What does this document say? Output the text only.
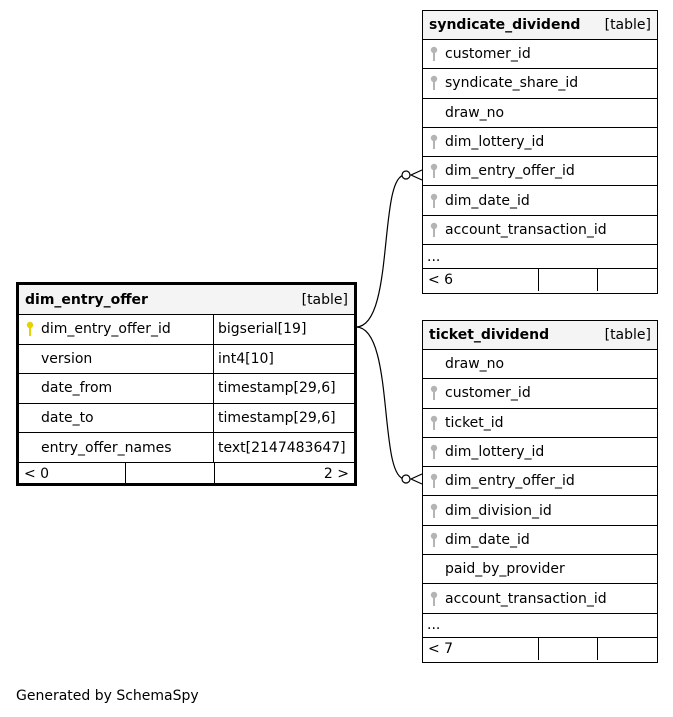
dim_entry_offer	[table]
dim_entry_offer_id	bigserial[19]
version	int4[10]
date_from	timestamp[29,6]
date_to	timestamp[29,6]
entry_offer_names	text[2147483647]
< 0	2 >
syndicate_dividend [table]
customer_id
syndicate_share_id
draw_no
dim_lottery_id
dim_entry_offer_id
dim_date_id
account_transaction_id
...
< 6
ticket_dividend	[table]
draw_no
customer_id
ticket_id
dim_lottery_id
dim_entry_offer_id
dim_division_id
dim_date_id
paid_by_provider
account_transaction_id
...
< 7
Generated by SchemaSpy
